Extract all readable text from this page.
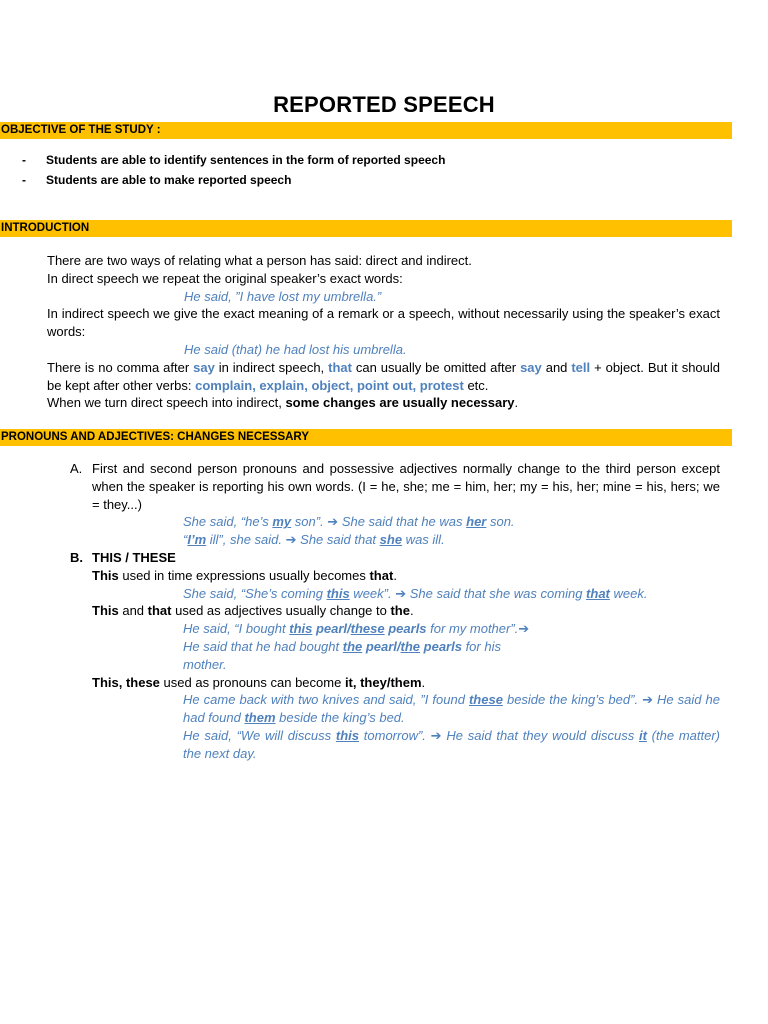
REPORTED SPEECH
OBJECTIVE OF THE STUDY :
-	Students are able to identify sentences in the form of reported speech
-	Students are able to make reported speech
INTRODUCTION
There are two ways of relating what a person has said: direct and indirect.
In direct speech we repeat the original speaker’s exact words:
He said, ”I have lost my umbrella.”
In indirect speech we give the exact meaning of a remark or a speech, without necessarily using the speaker’s exact words:
He said (that) he had lost his umbrella.
There is no comma after say in indirect speech, that can usually be omitted after say and tell + object. But it should be kept after other verbs: complain, explain, object, point out, protest etc.
When we turn direct speech into indirect, some changes are usually necessary.
PRONOUNS AND ADJECTIVES: CHANGES NECESSARY
A. First and second person pronouns and possessive adjectives normally change to the third person except when the speaker is reporting his own words. (I = he, she; me = him, her; my = his, her; mine = his, hers; we = they...)
She said, “he’s my son”. ➔ She said that he was her son.
“I’m ill”, she said. ➔ She said that she was ill.
B. THIS / THESE
This used in time expressions usually becomes that.
She said, “She’s coming this week”. ➔ She said that she was coming that week.
This and that used as adjectives usually change to the.
He said, “I bought this pearl/these pearls for my mother”.➔
He said that he had bought the pearl/the pearls for his
mother.
This, these used as pronouns can become it, they/them.
He came back with two knives and said, ”I found these beside the king’s bed”. ➔ He said he had found them beside the king’s bed.
He said, “We will discuss this tomorrow”. ➔ He said that they would discuss it (the matter) the next day.
